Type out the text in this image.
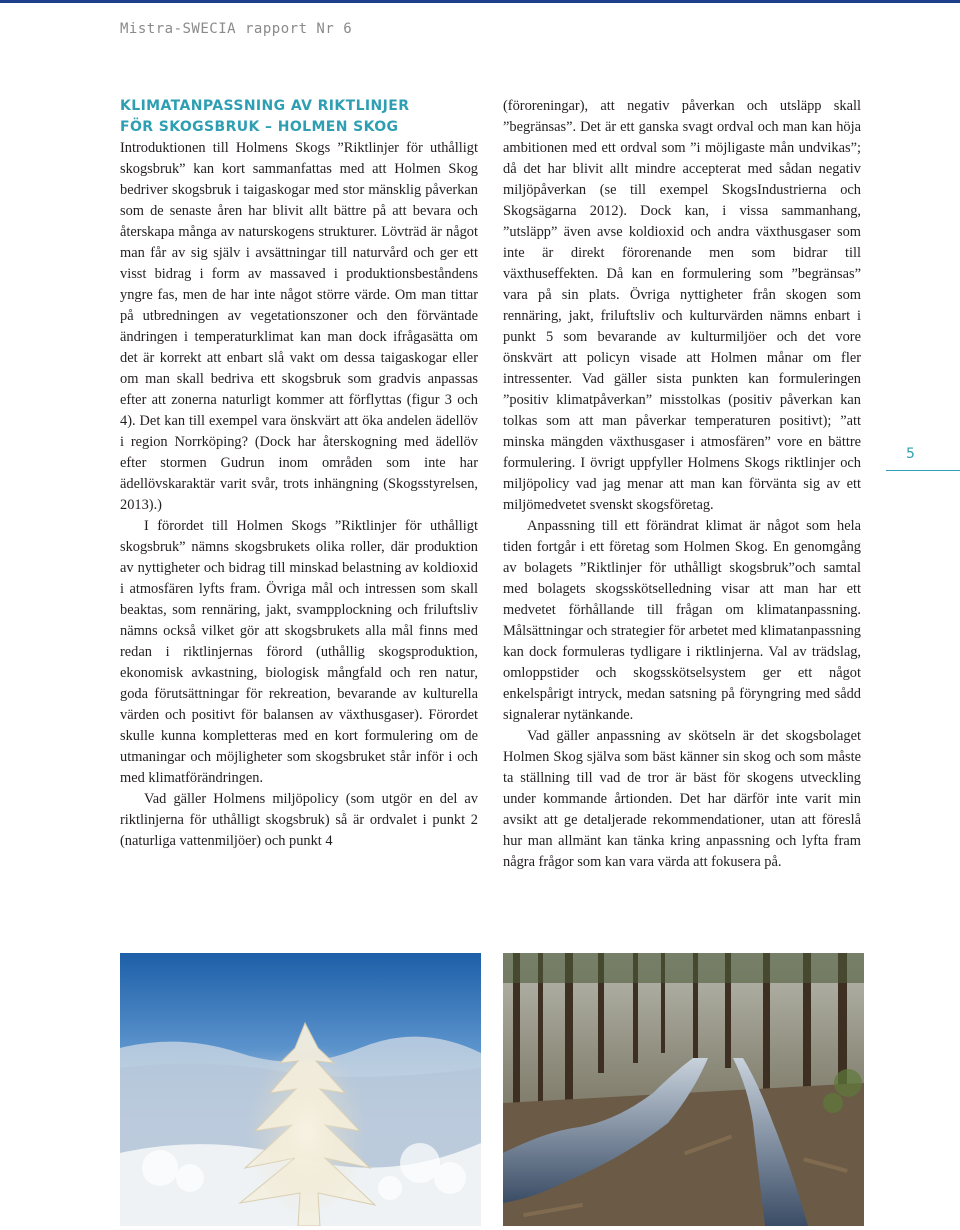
Mistra-SWECIA rapport Nr 6
KLIMATANPASSNING AV RIKTLINJER
FÖR SKOGSBRUK – HOLMEN SKOG

Introduktionen till Holmens Skogs ”Riktlinjer för uthålligt skogsbruk” kan kort sammanfattas med att Holmen Skog bedriver skogsbruk i taigaskogar med stor mänsklig påverkan som de senaste åren har blivit allt bättre på att bevara och återskapa många av naturskogens strukturer. Lövträd är något man får av sig själv i avsättningar till naturvård och ger ett visst bidrag i form av massaved i produktionsbeståndens yngre fas, men de har inte något större värde. Om man tittar på utbredningen av vegetationszoner och den förväntade ändringen i temperaturklimat kan man dock ifrågasätta om det är korrekt att enbart slå vakt om dessa taigaskogar eller om man skall bedriva ett skogsbruk som gradvis anpassas efter att zonerna naturligt kommer att förflyttas (figur 3 och 4). Det kan till exempel vara önskvärt att öka andelen ädellöv i region Norrköping? (Dock har återskogning med ädellöv efter stormen Gudrun inom områden som inte har ädellövskaraktär varit svår, trots inhängning (Skogsstyrelsen, 2013).)

I förordet till Holmen Skogs ”Riktlinjer för uthålligt skogsbruk” nämns skogsbrukets olika roller, där produktion av nyttigheter och bidrag till minskad belastning av koldioxid i atmosfären lyfts fram. Övriga mål och intressen som skall beaktas, som rennäring, jakt, svampplockning och friluftsliv nämns också vilket gör att skogsbrukets alla mål finns med redan i riktlinjernas förord (uthållig skogsproduktion, ekonomisk avkastning, biologisk mångfald och ren natur, goda förutsättningar för rekreation, bevarande av kulturella värden och positivt för balansen av växthusgaser). Förordet skulle kunna kompletteras med en kort formulering om de utmaningar och möjligheter som skogsbruket står inför i och med klimatförändringen.

Vad gäller Holmens miljöpolicy (som utgör en del av riktlinjerna för uthålligt skogsbruk) så är ordvalet i punkt 2 (naturliga vattenmiljöer) och punkt 4

(föroreningar), att negativ påverkan och utsläpp skall ”begränsas”. Det är ett ganska svagt ordval och man kan höja ambitionen med ett ordval som ”i möjligaste mån undvikas”; då det har blivit allt mindre accepterat med sådan negativ miljöpåverkan (se till exempel SkogsIndustrierna och Skogsägarna 2012). Dock kan, i vissa sammanhang, ”utsläpp” även avse koldioxid och andra växthusgaser som inte är direkt förorenande men som bidrar till växthuseffekten. Då kan en formulering som ”begränsas” vara på sin plats. Övriga nyttigheter från skogen som rennäring, jakt, friluftsliv och kulturvärden nämns enbart i punkt 5 som bevarande av kulturmiljöer och det vore önskvärt att policyn visade att Holmen månar om fler intressenter. Vad gäller sista punkten kan formuleringen ”positiv klimatpåverkan” misstolkas (positiv påverkan kan tolkas som att man påverkar temperaturen positivt); ”att minska mängden växthusgaser i atmosfären” vore en bättre formulering. I övrigt uppfyller Holmens Skogs riktlinjer och miljöpolicy vad jag menar att man kan förvänta sig av ett miljömedvetet svenskt skogsföretag.

Anpassning till ett förändrat klimat är något som hela tiden fortgår i ett företag som Holmen Skog. En genomgång av bolagets ”Riktlinjer för uthålligt skogsbruk”och samtal med bolagets skogsskötselledning visar att man har ett medvetet förhållande till frågan om klimatanpassning. Målsättningar och strategier för arbetet med klimatanpassning kan dock formuleras tydligare i riktlinjerna. Val av trädslag, omloppstider och skogsskötselsystem ger ett något enkelspårigt intryck, medan satsning på föryngring med sådd signalerar nytänkande.

Vad gäller anpassning av skötseln är det skogsbolaget Holmen Skog själva som bäst känner sin skog och som måste ta ställning till vad de tror är bäst för skogens utveckling under kommande årtionden. Det har därför inte varit min avsikt att ge detaljerade rekommendationer, utan att föreslå hur man allmänt kan tänka kring anpassning och lyfta fram några frågor som kan vara värda att fokusera på.

5
